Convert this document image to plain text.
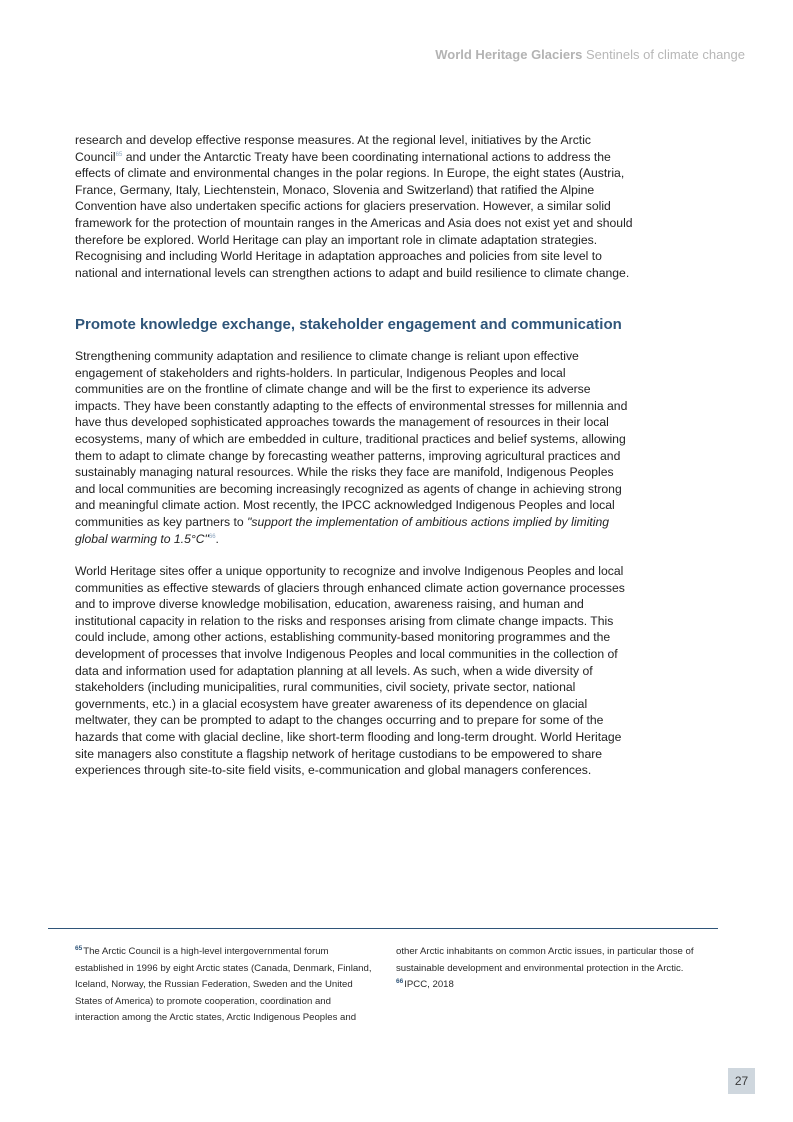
World Heritage Glaciers Sentinels of climate change

research and develop effective response measures. At the regional level, initiatives by the Arctic Council$^{65}$ and under the Antarctic Treaty have been coordinating international actions to address the effects of climate and environmental changes in the polar regions. In Europe, the eight states (Austria, France, Germany, Italy, Liechtenstein, Monaco, Slovenia and Switzerland) that ratified the Alpine Convention have also undertaken specific actions for glaciers preservation. However, a similar solid framework for the protection of mountain ranges in the Americas and Asia does not exist yet and should therefore be explored. World Heritage can play an important role in climate adaptation strategies. Recognising and including World Heritage in adaptation approaches and policies from site level to national and international levels can strengthen actions to adapt and build resilience to climate change.

Promote knowledge exchange, stakeholder engagement and communication

Strengthening community adaptation and resilience to climate change is reliant upon effective engagement of stakeholders and rights-holders. In particular, Indigenous Peoples and local communities are on the frontline of climate change and will be the first to experience its adverse impacts. They have been constantly adapting to the effects of environmental stresses for millennia and have thus developed sophisticated approaches towards the management of resources in their local ecosystems, many of which are embedded in culture, traditional practices and belief systems, allowing them to adapt to climate change by forecasting weather patterns, improving agricultural practices and sustainably managing natural resources. While the risks they face are manifold, Indigenous Peoples and local communities are becoming increasingly recognized as agents of change in achieving strong and meaningful climate action. Most recently, the IPCC acknowledged Indigenous Peoples and local communities as key partners to "support the implementation of ambitious actions implied by limiting global warming to 1.5°C"$^{66}$.

World Heritage sites offer a unique opportunity to recognize and involve Indigenous Peoples and local communities as effective stewards of glaciers through enhanced climate action governance processes and to improve diverse knowledge mobilisation, education, awareness raising, and human and institutional capacity in relation to the risks and responses arising from climate change impacts. This could include, among other actions, establishing community-based monitoring programmes and the development of processes that involve Indigenous Peoples and local communities in the collection of data and information used for adaptation planning at all levels. As such, when a wide diversity of stakeholders (including municipalities, rural communities, civil society, private sector, national governments, etc.) in a glacial ecosystem have greater awareness of its dependence on glacial meltwater, they can be prompted to adapt to the changes occurring and to prepare for some of the hazards that come with glacial decline, like short-term flooding and long-term drought. World Heritage site managers also constitute a flagship network of heritage custodians to be empowered to share experiences through site-to-site field visits, e-communication and global managers conferences.

$^{65}$The Arctic Council is a high-level intergovernmental forum established in 1996 by eight Arctic states (Canada, Denmark, Finland, Iceland, Norway, the Russian Federation, Sweden and the United States of America) to promote cooperation, coordination and interaction among the Arctic states, Arctic Indigenous Peoples and

other Arctic inhabitants on common Arctic issues, in particular those of sustainable development and environmental protection in the Arctic.

$^{66}$IPCC, 2018

27
